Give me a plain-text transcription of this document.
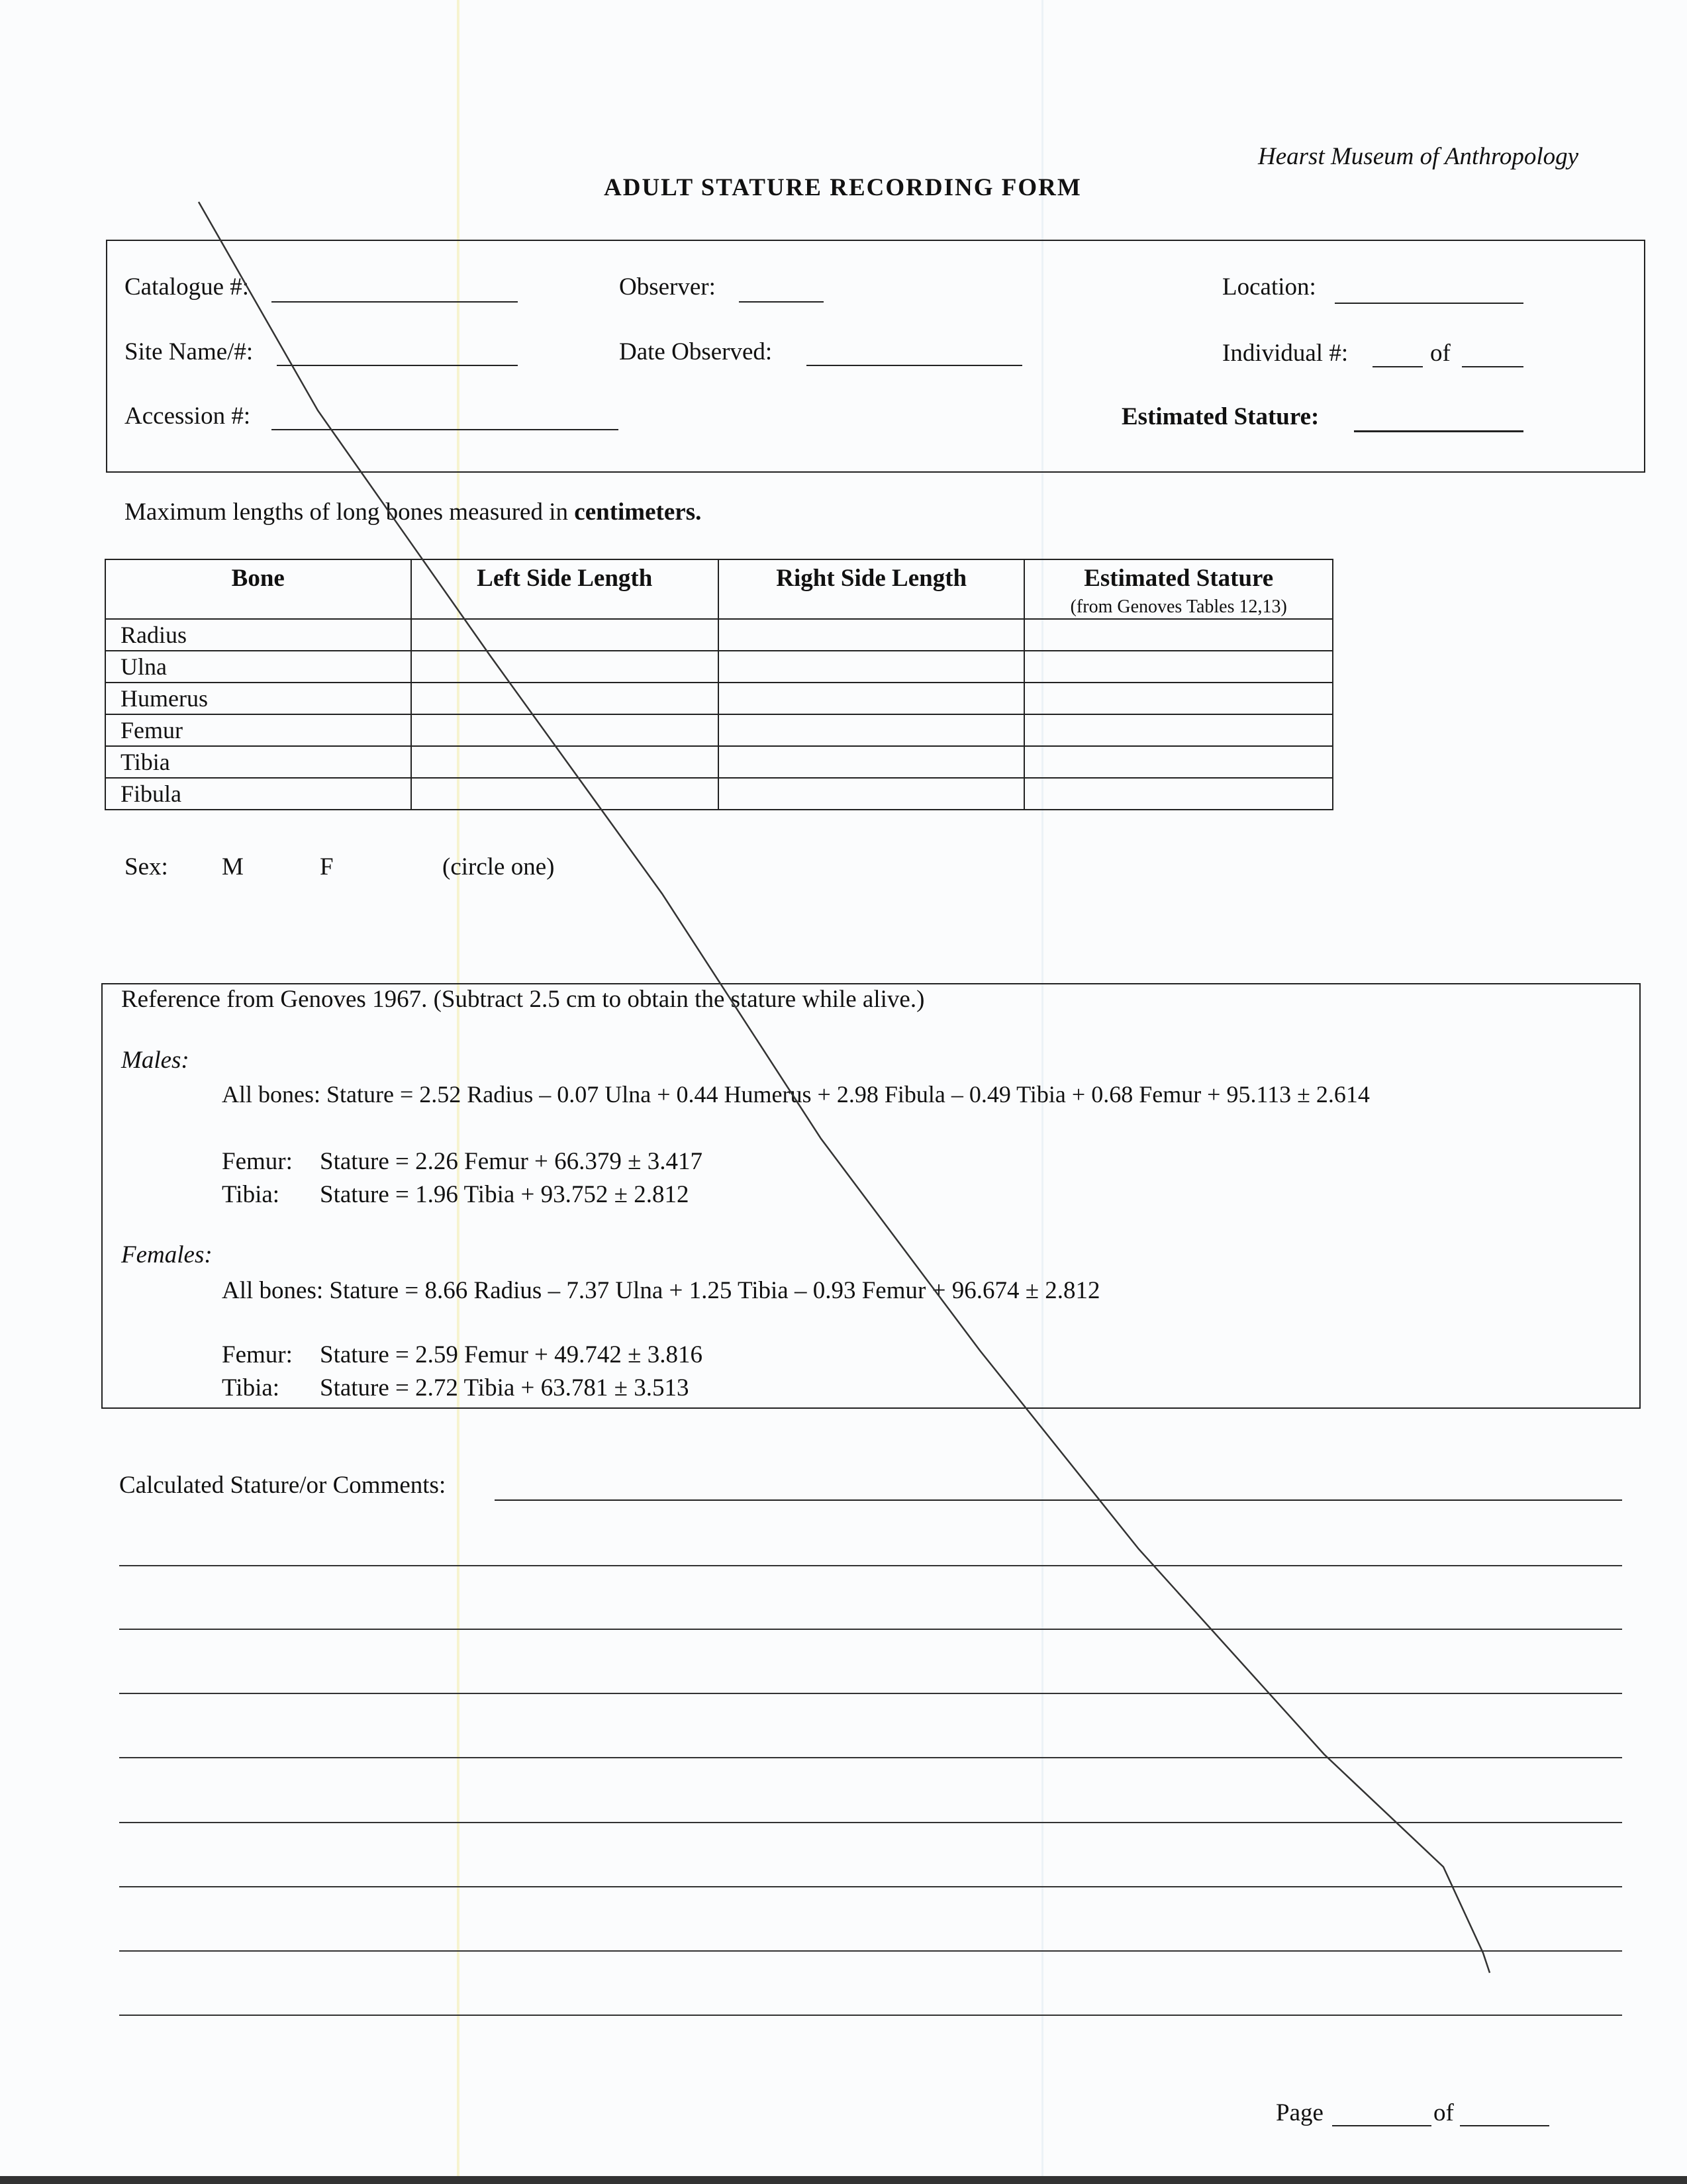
Hearst Museum of Anthropology
ADULT STATURE RECORDING FORM
Catalogue #:	Observer:	Location:
Site Name/#:	Date Observed:	Individual #:	of
Accession #:	Estimated Stature:
Maximum lengths of long bones measured in centimeters.
Bone	Left Side Length	Right Side Length	Estimated Stature
(from Genoves Tables 12,13)

Radius			
Ulna			
Humerus			
Femur			
Tibia			
Fibula			
Sex: M	F	(circle one)
Reference from Genoves 1967. (Subtract 2.5 cm to obtain the stature while alive.)
Males:
All bones: Stature = 2.52 Radius – 0.07 Ulna + 0.44 Humerus + 2.98 Fibula – 0.49 Tibia + 0.68 Femur + 95.113 ± 2.614
Femur: Stature = 2.26 Femur + 66.379 ± 3.417
Tibia: Stature = 1.96 Tibia + 93.752 ± 2.812
Females:
All bones: Stature = 8.66 Radius – 7.37 Ulna + 1.25 Tibia – 0.93 Femur + 96.674 ± 2.812
Femur: Stature = 2.59 Femur + 49.742 ± 3.816
Tibia: Stature = 2.72 Tibia + 63.781 ± 3.513
Calculated Stature/or Comments:
Page	of
